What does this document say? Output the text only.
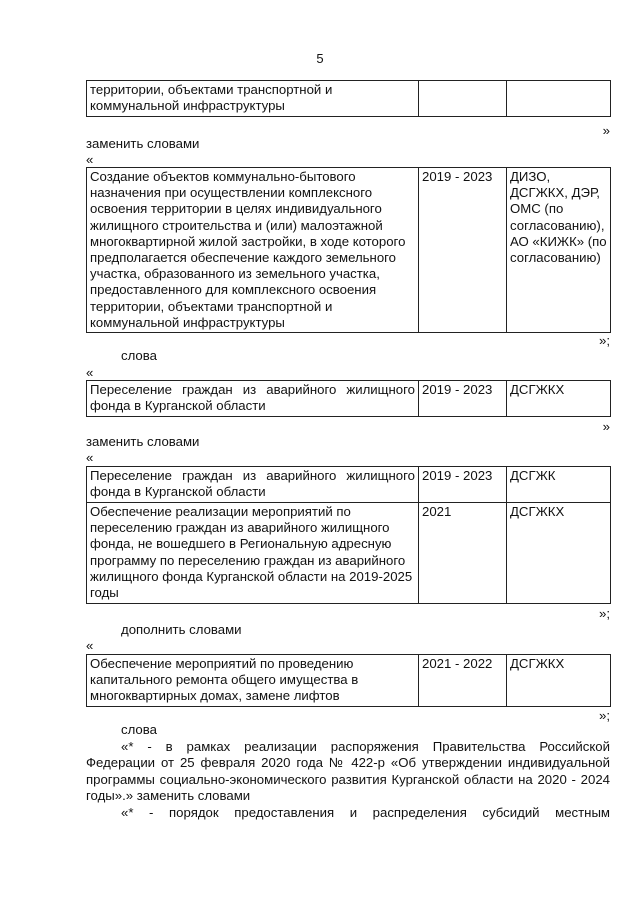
5
территории, объектами транспортной и коммунальной инфраструктуры		
»
заменить словами
«
Создание объектов коммунально-бытового назначения при осуществлении комплексного освоения территории в целях индивидуального жилищного строительства и (или) малоэтажной многоквартирной жилой застройки, в ходе которого предполагается обеспечение каждого земельного участка, образованного из земельного участка, предоставленного для комплексного освоения территории, объектами транспортной и коммунальной инфраструктуры	2019 - 2023	ДИЗО, ДСГЖКХ, ДЭР, ОМС (по согласованию), АО «КИЖК» (по согласованию)
»;
слова
«
Переселение граждан из аварийного жилищного фонда в Курганской области	2019 - 2023	ДСГЖКХ
»
заменить словами
«
Переселение граждан из аварийного жилищного фонда в Курганской области	2019 - 2023	ДСГЖК
Обеспечение реализации мероприятий по переселению граждан из аварийного жилищного фонда, не вошедшего в Региональную адресную программу по переселению граждан из аварийного жилищного фонда Курганской области на 2019-2025 годы	2021	ДСГЖКХ
»;
дополнить словами
«
Обеспечение мероприятий по проведению капитального ремонта общего имущества в многоквартирных домах, замене лифтов	2021 - 2022	ДСГЖКХ
»;
слова
«* - в рамках реализации распоряжения Правительства Российской Федерации от 25 февраля 2020 года № 422-р «Об утверждении индивидуальной программы социально-экономического развития Курганской области на 2020 - 2024 годы».» заменить словами
«* - порядок предоставления и распределения субсидий местным
